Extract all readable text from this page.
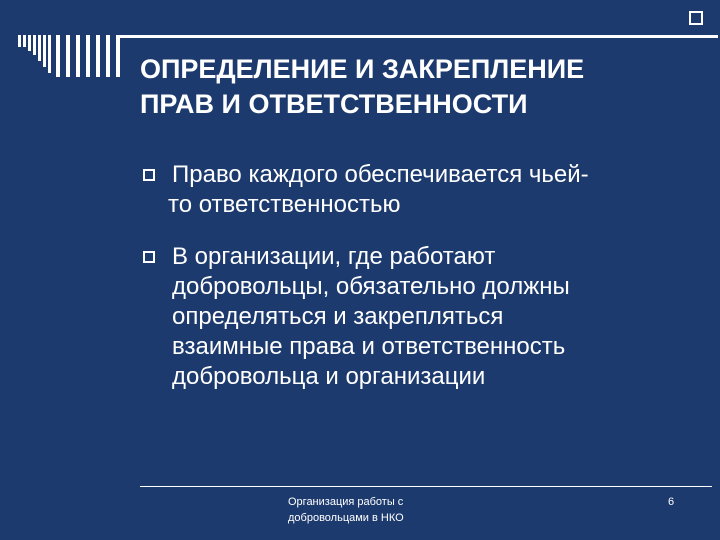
ОПРЕДЕЛЕНИЕ И ЗАКРЕПЛЕНИЕ
ПРАВ И ОТВЕТСТВЕННОСТИ
Право каждого обеспечивается чьей-
то ответственностью
В организации, где работают
добровольцы, обязательно должны
определяться и закрепляться
взаимные права и ответственность
добровольца и организации
Организация работы с
добровольцами в НКО
6
